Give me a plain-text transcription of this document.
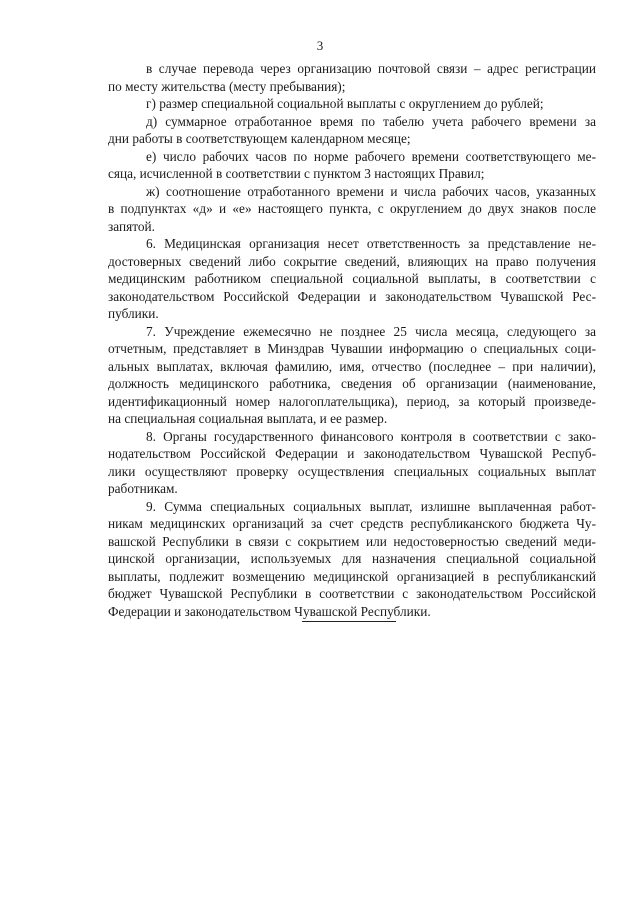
3
в случае перевода через организацию почтовой связи – адрес регистрации
по месту жительства (месту пребывания);
г) размер специальной социальной выплаты с округлением до рублей;
д) суммарное отработанное время по табелю учета рабочего времени за
дни работы в соответствующем календарном месяце;
е) число рабочих часов по норме рабочего времени соответствующего ме-
сяца, исчисленной в соответствии с пунктом 3 настоящих Правил;
ж) соотношение отработанного времени и числа рабочих часов, указанных
в подпунктах «д» и «е» настоящего пункта, с округлением до двух знаков после
запятой.
6. Медицинская организация несет ответственность за представление не-
достоверных сведений либо сокрытие сведений, влияющих на право получения
медицинским работником специальной социальной выплаты, в соответствии с
законодательством Российской Федерации и законодательством Чувашской Рес-
публики.
7. Учреждение ежемесячно не позднее 25 числа месяца, следующего за
отчетным, представляет в Минздрав Чувашии информацию о специальных соци-
альных выплатах, включая фамилию, имя, отчество (последнее – при наличии),
должность медицинского работника, сведения об организации (наименование,
идентификационный номер налогоплательщика), период, за который произведе-
на специальная социальная выплата, и ее размер.
8. Органы государственного финансового контроля в соответствии с зако-
нодательством Российской Федерации и законодательством Чувашской Респуб-
лики осуществляют проверку осуществления специальных социальных выплат
работникам.
9. Сумма специальных социальных выплат, излишне выплаченная работ-
никам медицинских организаций за счет средств республиканского бюджета Чу-
вашской Республики в связи с сокрытием или недостоверностью сведений меди-
цинской организации, используемых для назначения специальной социальной
выплаты, подлежит возмещению медицинской организацией в республиканский
бюджет Чувашской Республики в соответствии с законодательством Российской
Федерации и законодательством Чувашской Республики.
